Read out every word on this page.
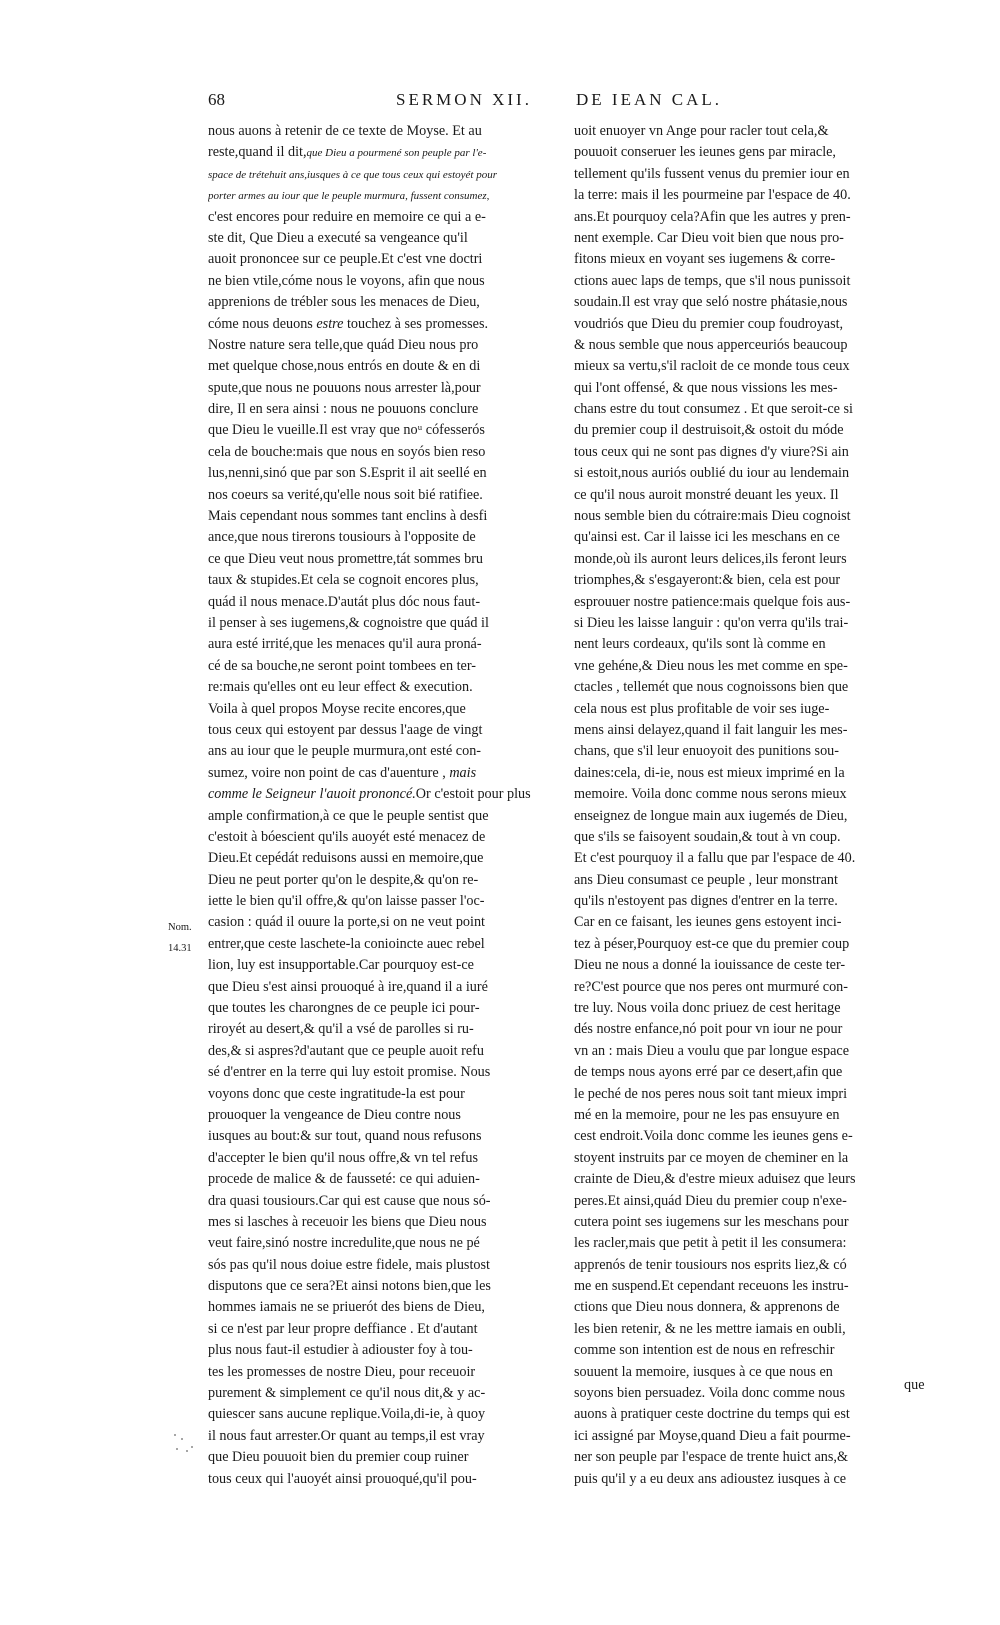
68	SERMON XII.	DE IEAN CAL.
nous auons à retenir de ce texte de Moyse. Et au
reste,quand il dit,que Dieu a pourmené son peuple par l'e-
space de trétehuit ans,iusques à ce que tous ceux qui estoyét pour
porter armes au iour que le peuple murmura, fussent consumez,
c'est encores pour reduire en memoire ce qui a e-
ste dit, Que Dieu a executé sa vengeance qu'il
auoit prononcee sur ce peuple.Et c'est vne doctri
ne bien vtile,cóme nous le voyons, afin que nous
apprenions de trébler sous les menaces de Dieu,
cóme nous deuons estre touchez à ses promesses.
Nostre nature sera telle,que quád Dieu nous pro
met quelque chose,nous entrós en doute & en di
spute,que nous ne pouuons nous arrester là,pour
dire, Il en sera ainsi : nous ne pouuons conclure
que Dieu le vueille.Il est vray que noᵘ cófesserós
cela de bouche:mais que nous en soyós bien reso
lus,nenni,sinó que par son S.Esprit il ait seellé en
nos coeurs sa verité,qu'elle nous soit bié ratifiee.
Mais cependant nous sommes tant enclins à desfi
ance,que nous tirerons tousiours à l'opposite de
ce que Dieu veut nous promettre,tát sommes bru
taux & stupides.Et cela se cognoit encores plus,
quád il nous menace.D'autát plus dóc nous faut-
il penser à ses iugemens,& cognoistre que quád il
aura esté irrité,que les menaces qu'il aura proná-
cé de sa bouche,ne seront point tombees en ter-
re:mais qu'elles ont eu leur effect & execution.
Voila à quel propos Moyse recite encores,que
tous ceux qui estoyent par dessus l'aage de vingt
ans au iour que le peuple murmura,ont esté con-
sumez, voire non point de cas d'auenture , mais
comme le Seigneur l'auoit prononcé.Or c'estoit pour plus
ample confirmation,à ce que le peuple sentist que
c'estoit à bóescient qu'ils auoyét esté menacez de
Dieu.Et cepédát reduisons aussi en memoire,que
Dieu ne peut porter qu'on le despite,& qu'on re-
iette le bien qu'il offre,& qu'on laisse passer l'oc-
casion : quád il ouure la porte,si on ne veut point
entrer,que ceste laschete-la conioincte auec rebel
lion, luy est insupportable.Car pourquoy est-ce
que Dieu s'est ainsi prouoqué à ire,quand il a iuré
que toutes les charongnes de ce peuple ici pour-
riroyét au desert,& qu'il a vsé de parolles si ru-
des,& si aspres?d'autant que ce peuple auoit refu
sé d'entrer en la terre qui luy estoit promise. Nous
voyons donc que ceste ingratitude-la est pour
prouoquer la vengeance de Dieu contre nous
iusques au bout:& sur tout, quand nous refusons
d'accepter le bien qu'il nous offre,& vn tel refus
procede de malice & de fausseté: ce qui aduien-
dra quasi tousiours.Car qui est cause que nous só-
mes si lasches à receuoir les biens que Dieu nous
veut faire,sinó nostre incredulite,que nous ne pé
sós pas qu'il nous doiue estre fidele, mais plustost
disputons que ce sera?Et ainsi notons bien,que les
hommes iamais ne se priuerót des biens de Dieu,
si ce n'est par leur propre deffiance . Et d'autant
plus nous faut-il estudier à adiouster foy à tou-
tes les promesses de nostre Dieu, pour receuoir
purement & simplement ce qu'il nous dit,& y ac-
quiescer sans aucune replique.Voila,di-ie, à quoy
il nous faut arrester.Or quant au temps,il est vray
que Dieu pouuoit bien du premier coup ruiner
tous ceux qui l'auoyét ainsi prouoqué,qu'il pou-
uoit enuoyer vn Ange pour racler tout cela,&
pouuoit conseruer les ieunes gens par miracle,
tellement qu'ils fussent venus du premier iour en
la terre: mais il les pourmeine par l'espace de 40.
ans.Et pourquoy cela?Afin que les autres y pren-
nent exemple. Car Dieu voit bien que nous pro-
fitons mieux en voyant ses iugemens & corre-
ctions auec laps de temps, que s'il nous punissoit
soudain.Il est vray que seló nostre phátasie,nous
voudriós que Dieu du premier coup foudroyast,
& nous semble que nous apperceuriós beaucoup
mieux sa vertu,s'il racloit de ce monde tous ceux
qui l'ont offensé, & que nous vissions les mes-
chans estre du tout consumez . Et que seroit-ce si
du premier coup il destruisoit,& ostoit du móde
tous ceux qui ne sont pas dignes d'y viure?Si ain
si estoit,nous auriós oublié du iour au lendemain
ce qu'il nous auroit monstré deuant les yeux. Il
nous semble bien du cótraire:mais Dieu cognoist
qu'ainsi est. Car il laisse ici les meschans en ce
monde,où ils auront leurs delices,ils feront leurs
triomphes,& s'esgayeront:& bien, cela est pour
esprouuer nostre patience:mais quelque fois aus-
si Dieu les laisse languir : qu'on verra qu'ils trai-
nent leurs cordeaux, qu'ils sont là comme en
vne gehéne,& Dieu nous les met comme en spe-
ctacles , tellemét que nous cognoissons bien que
cela nous est plus profitable de voir ses iuge-
mens ainsi delayez,quand il fait languir les mes-
chans, que s'il leur enuoyoit des punitions sou-
daines:cela, di-ie, nous est mieux imprimé en la
memoire. Voila donc comme nous serons mieux
enseignez de longue main aux iugemés de Dieu,
que s'ils se faisoyent soudain,& tout à vn coup.
Et c'est pourquoy il a fallu que par l'espace de 40.
ans Dieu consumast ce peuple , leur monstrant
qu'ils n'estoyent pas dignes d'entrer en la terre.
Car en ce faisant, les ieunes gens estoyent inci-
tez à péser,Pourquoy est-ce que du premier coup
Dieu ne nous a donné la iouissance de ceste ter-
re?C'est pource que nos peres ont murmuré con-
tre luy. Nous voila donc priuez de cest heritage
dés nostre enfance,nó poit pour vn iour ne pour
vn an : mais Dieu a voulu que par longue espace
de temps nous ayons erré par ce desert,afin que
le peché de nos peres nous soit tant mieux impri
mé en la memoire, pour ne les pas ensuyure en
cest endroit.Voila donc comme les ieunes gens e-
stoyent instruits par ce moyen de cheminer en la
crainte de Dieu,& d'estre mieux aduisez que leurs
peres.Et ainsi,quád Dieu du premier coup n'exe-
cutera point ses iugemens sur les meschans pour
les racler,mais que petit à petit il les consumera:
apprenós de tenir tousiours nos esprits liez,& có
me en suspend.Et cependant receuons les instru-
ctions que Dieu nous donnera, & apprenons de
les bien retenir, & ne les mettre iamais en oubli,
comme son intention est de nous en refreschir
souuent la memoire, iusques à ce que nous en
soyons bien persuadez. Voila donc comme nous
auons à pratiquer ceste doctrine du temps qui est
ici assigné par Moyse,quand Dieu a fait pourme-
ner son peuple par l'espace de trente huict ans,&
puis qu'il y a eu deux ans adioustez iusques à ce
Nom.
14.31
que
